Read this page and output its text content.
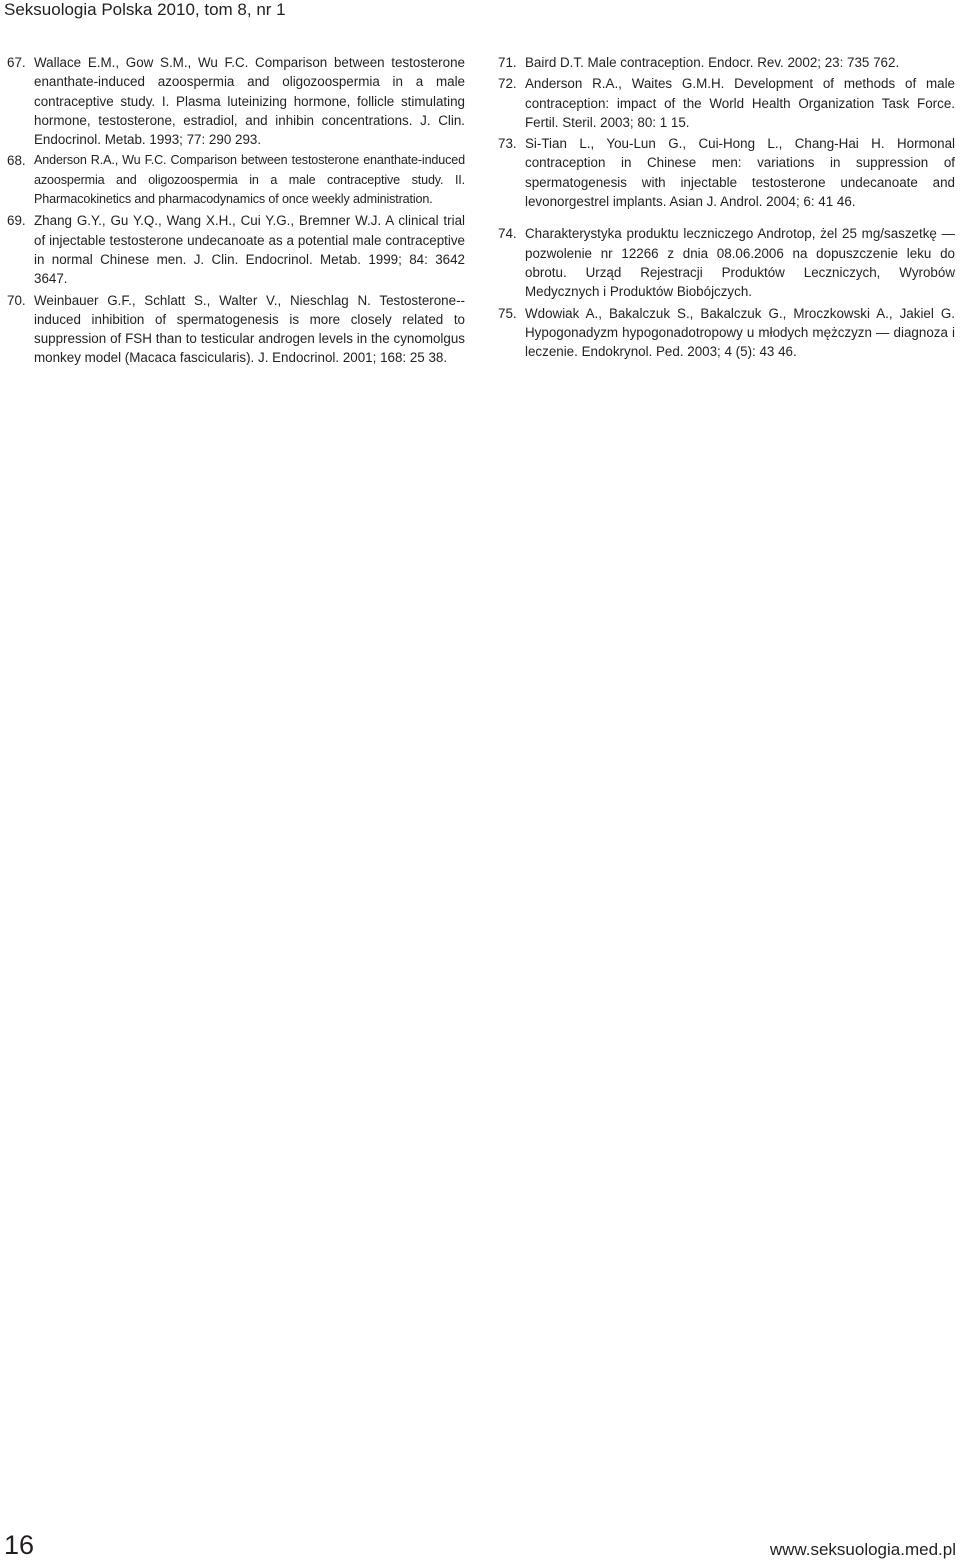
Seksuologia Polska 2010, tom 8, nr 1
67. Wallace E.M., Gow S.M., Wu F.C. Comparison between testosterone enanthate-induced azoospermia and oligozoospermia in a male contraceptive study. I. Plasma luteinizing hormone, follicle stimulating hormone, testosterone, estradiol, and inhibin concentrations. J. Clin. Endocrinol. Metab. 1993; 77: 290 293.
68. Anderson R.A., Wu F.C. Comparison between testosterone enanthate-induced azoospermia and oligozoospermia in a male contraceptive study. II. Pharmacokinetics and pharmacodynamics of once weekly administration.
69. Zhang G.Y., Gu Y.Q., Wang X.H., Cui Y.G., Bremner W.J. A clinical trial of injectable testosterone undecanoate as a potential male contraceptive in normal Chinese men. J. Clin. Endocrinol. Metab. 1999; 84: 3642 3647.
70. Weinbauer G.F., Schlatt S., Walter V., Nieschlag N. Testosterone--induced inhibition of spermatogenesis is more closely related to suppression of FSH than to testicular androgen levels in the cynomolgus monkey model (Macaca fascicularis). J. Endocrinol. 2001; 168: 25 38.
71. Baird D.T. Male contraception. Endocr. Rev. 2002; 23: 735 762.
72. Anderson R.A., Waites G.M.H. Development of methods of male contraception: impact of the World Health Organization Task Force. Fertil. Steril. 2003; 80: 1 15.
73. Si-Tian L., You-Lun G., Cui-Hong L., Chang-Hai H. Hormonal contraception in Chinese men: variations in suppression of spermatogenesis with injectable testosterone undecanoate and levonorgestrel implants. Asian J. Androl. 2004; 6: 41 46.
74. Charakterystyka produktu leczniczego Androtop, żel 25 mg/saszetkę — pozwolenie nr 12266 z dnia 08.06.2006 na dopuszczenie leku do obrotu. Urząd Rejestracji Produktów Leczniczych, Wyrobów Medycznych i Produktów Biobójczych.
75. Wdowiak A., Bakalczuk S., Bakalczuk G., Mroczkowski A., Jakiel G. Hypogonadyzm hypogonadotropowy u młodych mężczyzn — diagnoza i leczenie. Endokrynol. Ped. 2003; 4 (5): 43 46.
16	www.seksuologia.med.pl
